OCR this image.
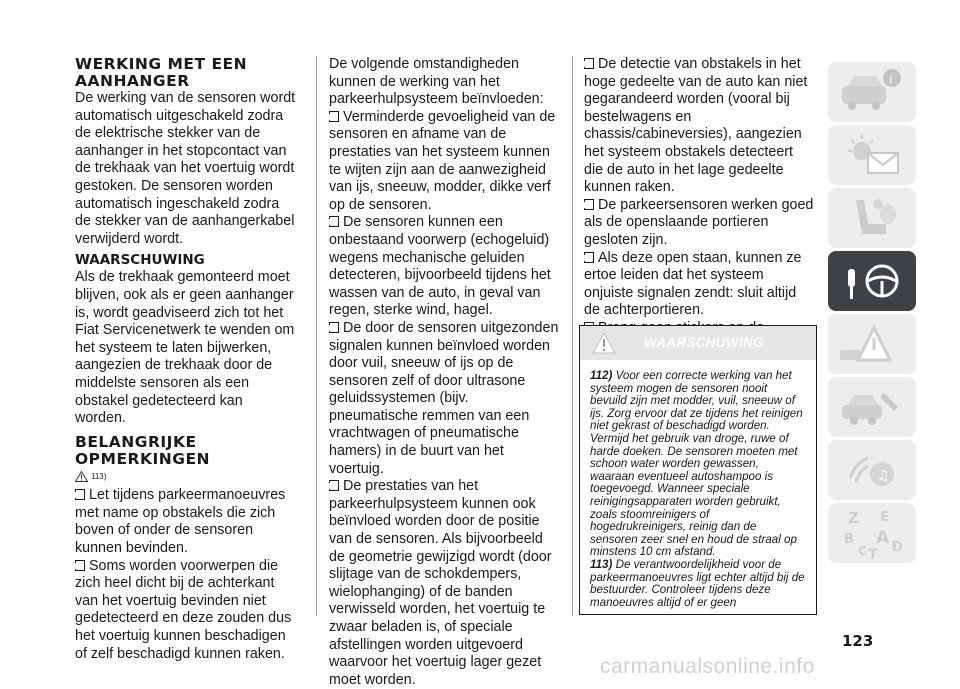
WERKING MET EEN AANHANGER

De werking van de sensoren wordt automatisch uitgeschakeld zodra de elektrische stekker van de aanhanger in het stopcontact van de trekhaak van het voertuig wordt gestoken. De sensoren worden automatisch ingeschakeld zodra de stekker van de aanhangerkabel verwijderd wordt.

WAARSCHUWING

Als de trekhaak gemonteerd moet blijven, ook als er geen aanhanger is, wordt geadviseerd zich tot het Fiat Servicenetwerk te wenden om het systeem te laten bijwerken, aangezien de trekhaak door de middelste sensoren als een obstakel gedetecteerd kan worden.

BELANGRIJKE OPMERKINGEN
$^{113)}$
Let tijdens parkeermanoeuvres met name op obstakels die zich boven of onder de sensoren kunnen bevinden.
Soms worden voorwerpen die zich heel dicht bij de achterkant van het voertuig bevinden niet gedetecteerd en deze zouden dus het voertuig kunnen beschadigen of zelf beschadigd kunnen raken.

De volgende omstandigheden kunnen de werking van het parkeerhulpsysteem beïnvloeden:

Verminderde gevoeligheid van de sensoren en afname van de prestaties van het systeem kunnen te wijten zijn aan de aanwezigheid van ijs, sneeuw, modder, dikke verf op de sensoren.
De sensoren kunnen een onbestaand voorwerp (echogeluid) wegens mechanische geluiden detecteren, bijvoorbeeld tijdens het wassen van de auto, in geval van regen, sterke wind, hagel.
De door de sensoren uitgezonden signalen kunnen beïnvloed worden door vuil, sneeuw of ijs op de sensoren zelf of door ultrasone geluidssystemen (bijv. pneumatische remmen van een vrachtwagen of pneumatische hamers) in de buurt van het voertuig.
De prestaties van het parkeerhulpsysteem kunnen ook beïnvloed worden door de positie van de sensoren. Als bijvoorbeeld de geometrie gewijzigd wordt (door slijtage van de schokdempers, wielophanging) of de banden verwisseld worden, het voertuig te zwaar beladen is, of speciale afstellingen worden uitgevoerd waarvoor het voertuig lager gezet moet worden.
De detectie van obstakels in het hoge gedeelte van de auto kan niet gegarandeerd worden (vooral bij bestelwagens en chassis/cabineversies), aangezien het systeem obstakels detecteert die de auto in het lage gedeelte kunnen raken.
De parkeersensoren werken goed als de openslaande portieren gesloten zijn.
Als deze open staan, kunnen ze ertoe leiden dat het systeem onjuiste signalen zendt: sluit altijd de achterportieren.
WAARSCHUWING
112) Voor een correcte werking van het systeem mogen de sensoren nooit bevuild zijn met modder, vuil, sneeuw of ijs. Zorg ervoor dat ze tijdens het reinigen niet gekrast of beschadigd worden. Vermijd het gebruik van droge, ruwe of harde doeken. De sensoren moeten met schoon water worden gewassen, waaraan eventueel autoshampoo is toegevoegd. Wanneer speciale reinigingsapparaten worden gebruikt, zoals stoomreinigers of hogedrukreinigers, reinig dan de sensoren zeer snel en houd de straal op minstens 10 cm afstand.
113) De verantwoordelijkheid voor de parkeermanoeuvres ligt echter altijd bij de bestuurder. Controleer tijdens deze manoeuvres altijd of er geen
i
♫
Z E
B A
C T D
123
carmanualsonline.info
